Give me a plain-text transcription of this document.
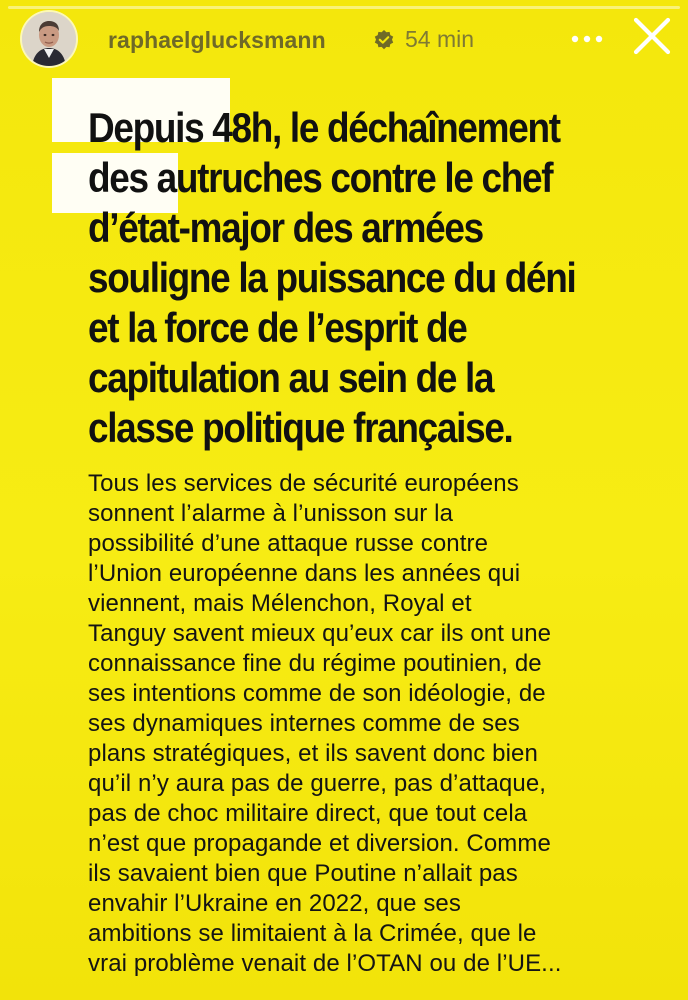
raphaelglucksmann	54 min

Depuis 48h, le déchaînement
des autruches contre le chef
d’état-major des armées
souligne la puissance du déni
et la force de l’esprit de
capitulation au sein de la
classe politique française.

Tous les services de sécurité européens
sonnent l’alarme à l’unisson sur la
possibilité d’une attaque russe contre
l’Union européenne dans les années qui
viennent, mais Mélenchon, Royal et
Tanguy savent mieux qu’eux car ils ont une
connaissance fine du régime poutinien, de
ses intentions comme de son idéologie, de
ses dynamiques internes comme de ses
plans stratégiques, et ils savent donc bien
qu’il n’y aura pas de guerre, pas d’attaque,
pas de choc militaire direct, que tout cela
n’est que propagande et diversion. Comme
ils savaient bien que Poutine n’allait pas
envahir l’Ukraine en 2022, que ses
ambitions se limitaient à la Crimée, que le
vrai problème venait de l’OTAN ou de l’UE...
